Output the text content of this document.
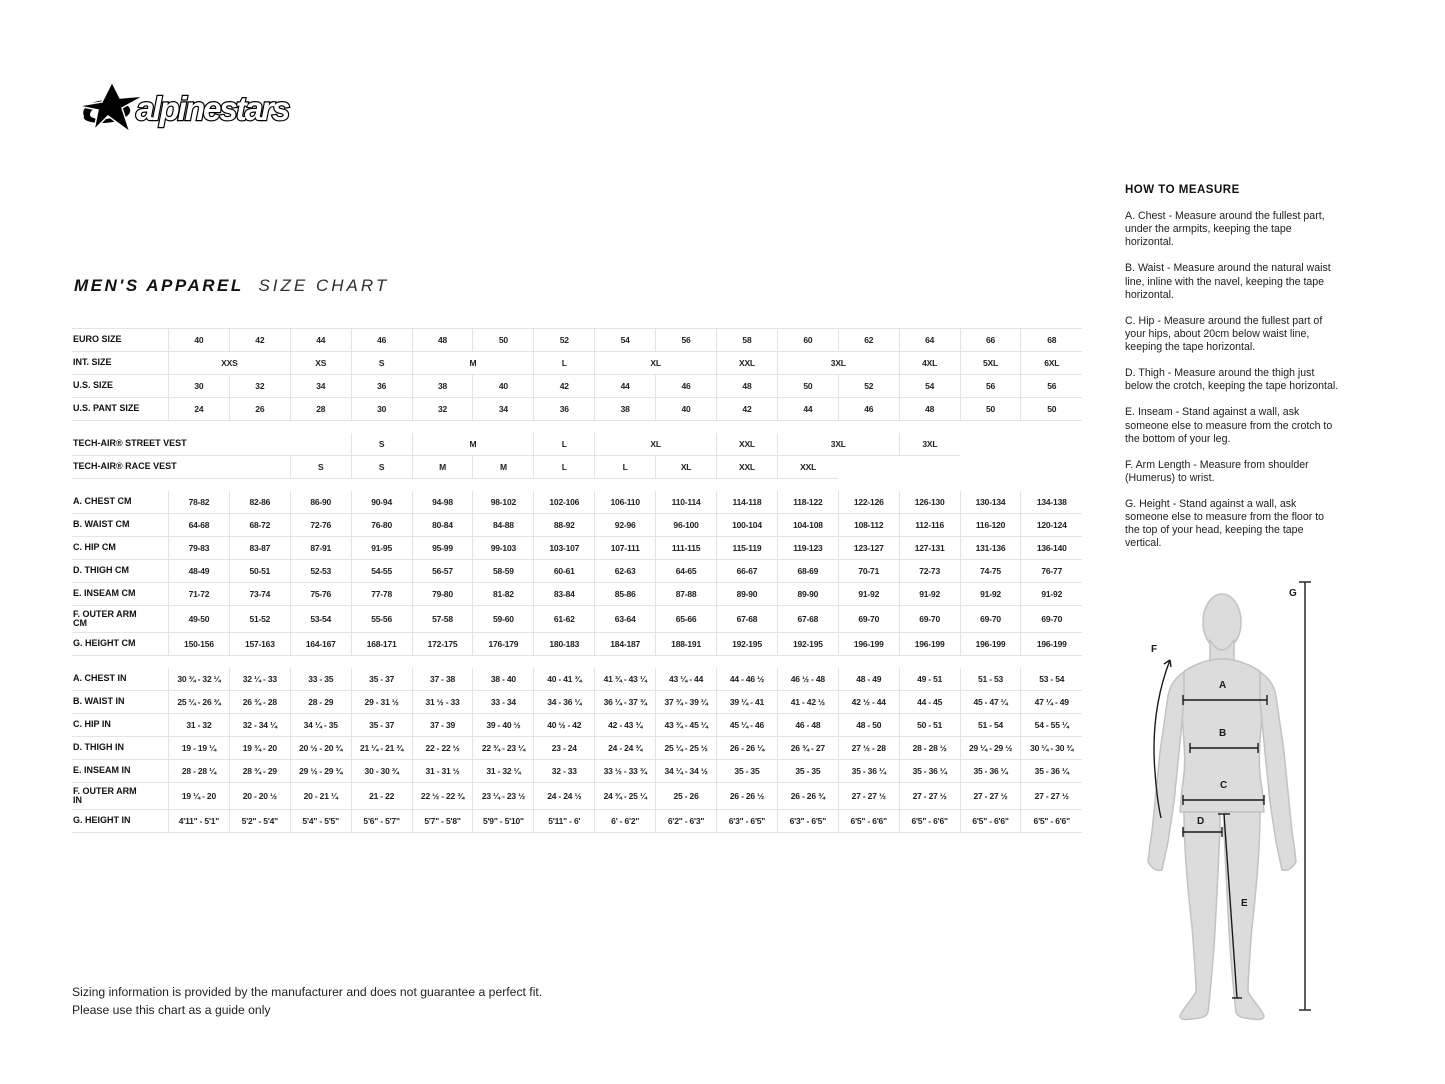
alpinestars
MEN'S APPAREL SIZE CHART
EURO SIZE	40	42	44	46	48	50	52	54	56	58	60	62	64	66	68
INT. SIZE	XXS		XS	S	M		L	XL		XXL	3XL		4XL	5XL	6XL
U.S. SIZE	30	32	34	36	38	40	42	44	46	48	50	52	54	56	56
U.S. PANT SIZE	24	26	28	30	32	34	36	38	40	42	44	46	48	50	50

TECH-AIR® STREET VEST				S	M		L	XL		XXL	3XL		3XL		
TECH-AIR® RACE VEST			S	S	M	M	L	L	XL	XXL	XXL				

A. CHEST CM	78-82	82-86	86-90	90-94	94-98	98-102	102-106	106-110	110-114	114-118	118-122	122-126	126-130	130-134	134-138
B. WAIST CM	64-68	68-72	72-76	76-80	80-84	84-88	88-92	92-96	96-100	100-104	104-108	108-112	112-116	116-120	120-124
C. HIP CM	79-83	83-87	87-91	91-95	95-99	99-103	103-107	107-111	111-115	115-119	119-123	123-127	127-131	131-136	136-140
D. THIGH CM	48-49	50-51	52-53	54-55	56-57	58-59	60-61	62-63	64-65	66-67	68-69	70-71	72-73	74-75	76-77
E. INSEAM CM	71-72	73-74	75-76	77-78	79-80	81-82	83-84	85-86	87-88	89-90	89-90	91-92	91-92	91-92	91-92
F. OUTER ARM
CM	49-50	51-52	53-54	55-56	57-58	59-60	61-62	63-64	65-66	67-68	67-68	69-70	69-70	69-70	69-70
G. HEIGHT CM	150-156	157-163	164-167	168-171	172-175	176-179	180-183	184-187	188-191	192-195	192-195	196-199	196-199	196-199	196-199

A. CHEST IN	30 ¾ - 32 ¼	32 ¼ - 33	33 - 35	35 - 37	37 - 38	38 - 40	40 - 41 ¾	41 ¾ - 43 ¼	43 ¼ - 44	44 - 46 ½	46 ½ - 48	48 - 49	49 - 51	51 - 53	53 - 54
B. WAIST IN	25 ¼ - 26 ¾	26 ¾ - 28	28 - 29	29 - 31 ½	31 ½ - 33	33 - 34	34 - 36 ¼	36 ¼ - 37 ¾	37 ¾ - 39 ¼	39 ¼ - 41	41 - 42 ½	42 ½ - 44	44 - 45	45 - 47 ¼	47 ¼ - 49
C. HIP IN	31 - 32	32 - 34 ¼	34 ¼ - 35	35 - 37	37 - 39	39 - 40 ½	40 ½ - 42	42 - 43 ¾	43 ¾ - 45 ¼	45 ¼ - 46	46 - 48	48 - 50	50 - 51	51 - 54	54 - 55 ¼
D. THIGH IN	19 - 19 ¼	19 ¾ - 20	20 ½ - 20 ¾	21 ¼ - 21 ¾	22 - 22 ½	22 ¾ - 23 ¼	23 - 24	24 - 24 ¾	25 ¼ - 25 ½	26 - 26 ¼	26 ¾ - 27	27 ½ - 28	28 - 28 ½	29 ¼ - 29 ½	30 ¼ - 30 ¾
E. INSEAM IN	28 - 28 ¼	28 ¾ - 29	29 ½ - 29 ¾	30 - 30 ¾	31 - 31 ½	31 - 32 ¼	32 - 33	33 ½ - 33 ¾	34 ¼ - 34 ½	35 - 35	35 - 35	35 - 36 ¼	35 - 36 ¼	35 - 36 ¼	35 - 36 ¼
F. OUTER ARM
IN	19 ¼ - 20	20 - 20 ½	20 - 21 ¼	21 - 22	22 ½ - 22 ¾	23 ¼ - 23 ½	24 - 24 ½	24 ¾ - 25 ¼	25 - 26	26 - 26 ½	26 - 26 ¾	27 - 27 ½	27 - 27 ½	27 - 27 ½	27 - 27 ½
G. HEIGHT IN	4'11" - 5'1"	5'2" - 5'4"	5'4" - 5'5"	5'6" - 5'7"	5'7" - 5'8"	5'9" - 5'10"	5'11" - 6'	6' - 6'2"	6'2" - 6'3"	6'3" - 6'5"	6'3" - 6'5"	6'5" - 6'6"	6'5" - 6'6"	6'5" - 6'6"	6'5" - 6'6"
HOW TO MEASURE

A. Chest - Measure around the fullest part, under the armpits, keeping the tape horizontal.

B. Waist - Measure around the natural waist line, inline with the navel, keeping the tape horizontal.

C. Hip - Measure around the fullest part of your hips, about 20cm below waist line, keeping the tape horizontal.

D. Thigh - Measure around the thigh just below the crotch, keeping the tape horizontal.

E. Inseam - Stand against a wall, ask someone else to measure from the crotch to the bottom of your leg.

F. Arm Length - Measure from shoulder (Humerus) to wrist.

G. Height - Stand against a wall, ask someone else to measure from the floor to the top of your head, keeping the tape vertical.

A
B
C
D
E
F
G
Sizing information is provided by the manufacturer and does not guarantee a perfect fit.
Please use this chart as a guide only
